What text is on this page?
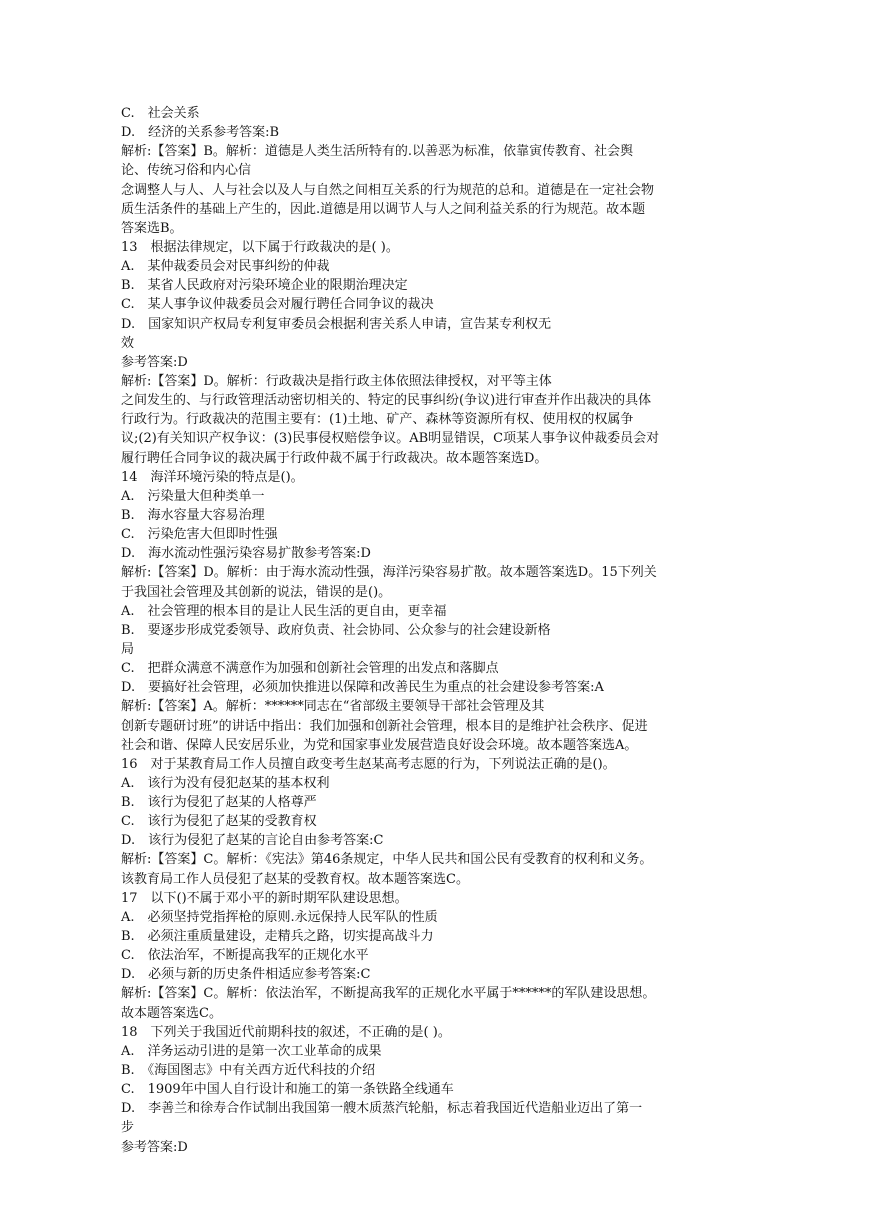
C.　社会关系
D.　经济的关系参考答案:B
解析:【答案】B。解析：道德是人类生活所特有的.以善恶为标准，依靠寅传教育、社会舆
论、传统习俗和内心信
念调整人与人、人与社会以及人与自然之间相互关系的行为规范的总和。道德是在一定社会物
质生活条件的基础上产生的，因此.道德是用以调节人与人之间利益关系的行为规范。故本题
答案选B。
13　根据法律规定，以下属于行政裁决的是( )。
A.　某仲裁委员会对民事纠纷的仲裁
B.　某省人民政府对污染环境企业的限期治理决定
C.　某人事争议仲裁委员会对履行聘任合同争议的裁决
D.　国家知识产权局专利复审委员会根据利害关系人申请，宣告某专利权无
效
参考答案:D
解析:【答案】D。解析：行政裁决是指行政主体依照法律授权，对平等主体
之间发生的、与行政管理活动密切相关的、特定的民事纠纷(争议)进行审查并作出裁决的具体
行政行为。行政裁决的范围主要有：(1)土地、矿产、森林等资源所有权、使用权的权属争
议;(2)有关知识产权争议：(3)民事侵权赔偿争议。AB明显错误，C项某人事争议仲裁委员会对
履行聘任合同争议的裁决属于行政仲裁不属于行政裁决。故本题答案选D。
14　海洋环境污染的特点是()。
A.　污染量大但种类单一
B.　海水容量大容易治理
C.　污染危害大但即时性强
D.　海水流动性强污染容易扩散参考答案:D
解析:【答案】D。解析：由于海水流动性强，海洋污染容易扩散。故本题答案选D。15下列关
于我国社会管理及其创新的说法，错误的是()。
A.　社会管理的根本目的是让人民生活的更自由，更幸福
B.　要逐步形成党委领导、政府负责、社会协同、公众参与的社会建设新格
局
C.　把群众满意不满意作为加强和创新社会管理的出发点和落脚点
D.　要搞好社会管理，必须加快推进以保障和改善民生为重点的社会建设参考答案:A
解析:【答案】A。解析：******同志在“省部级主要领导干部社会管理及其
创新专题研讨班”的讲话中指出：我们加强和创新社会管理，根本目的是维护社会秩序、促进
社会和谐、保障人民安居乐业，为党和国家事业发展营造良好设会环境。故本题答案选A。
16　对于某教育局工作人员擅自政变考生赵某高考志愿的行为，下列说法正确的是()。
A.　该行为没有侵犯赵某的基本权利
B.　该行为侵犯了赵某的人格尊严
C.　该行为侵犯了赵某的受教育权
D.　该行为侵犯了赵某的言论自由参考答案:C
解析:【答案】C。解析：《宪法》第46条规定，中华人民共和国公民有受教育的权利和义务。
该教育局工作人员侵犯了赵某的受教育权。故本题答案选C。
17　以下()不属于邓小平的新时期军队建设思想。
A.　必须坚持党指挥枪的原则.永远保持人民军队的性质
B.　必须注重质量建设，走精兵之路，切实提高战斗力
C.　依法治军，不断提高我军的正规化水平
D.　必须与新的历史条件相适应参考答案:C
解析:【答案】C。解析：依法治军，不断提高我军的正规化水平属于******的军队建设思想。
故本题答案选C。
18　下列关于我国近代前期科技的叙述，不正确的是( )。
A.　洋务运动引进的是第一次工业革命的成果
B.　《海国图志》中有关西方近代科技的介绍
C.　1909年中国人自行设计和施工的第一条铁路全线通车
D.　李善兰和徐寿合作试制出我国第一艘木质蒸汽轮船，标志着我国近代造船业迈出了第一
步
参考答案:D
